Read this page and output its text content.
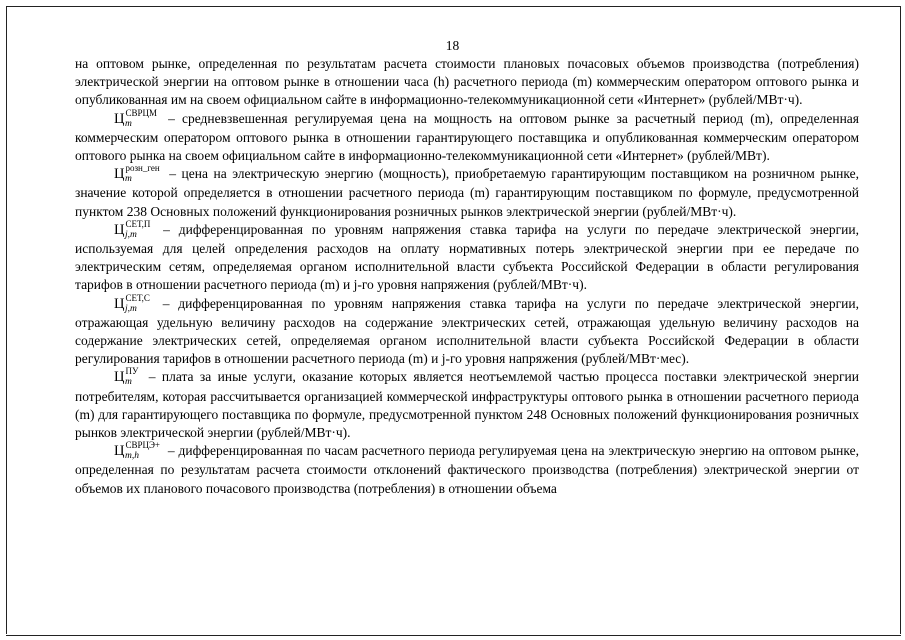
18

на оптовом рынке, определенная по результатам расчета стоимости плановых почасовых объемов производства (потребления) электрической энергии на оптовом рынке в отношении часа (h) расчетного периода (m) коммерческим оператором оптового рынка и опубликованная им на своем официальном сайте в информационно-телекоммуникационной сети «Интернет» (рублей/МВт·ч).

$Ц^{СВРЦМ}$
m – средневзвешенная регулируемая цена на мощность на оптовом рынке за расчетный период (m), определенная коммерческим оператором оптового рынка в отношении гарантирующего поставщика и опубликованная коммерческим оператором оптового рынка на своем официальном сайте в информационно-телекоммуникационной сети «Интернет» (рублей/МВт).

$Ц^{розн\_ген}$
m – цена на электрическую энергию (мощность), приобретаемую гарантирующим поставщиком на розничном рынке, значение которой определяется в отношении расчетного периода (m) гарантирующим поставщиком по формуле, предусмотренной пунктом 238 Основных положений функционирования розничных рынков электрической энергии (рублей/МВт·ч).

$Ц^{СЕТ,П}$
j,m – дифференцированная по уровням напряжения ставка тарифа на услуги по передаче электрической энергии, используемая для целей определения расходов на оплату нормативных потерь электрической энергии при ее передаче по электрическим сетям, определяемая органом исполнительной власти субъекта Российской Федерации в области регулирования тарифов в отношении расчетного периода (m) и j-го уровня напряжения (рублей/МВт·ч).

$Ц^{СЕТ,С}$
j,m – дифференцированная по уровням напряжения ставка тарифа на услуги по передаче электрической энергии, отражающая удельную величину расходов на содержание электрических сетей, отражающая удельную величину расходов на содержание электрических сетей, определяемая органом исполнительной власти субъекта Российской Федерации в области регулирования тарифов в отношении расчетного периода (m) и j-го уровня напряжения (рублей/МВт·мес).

$Ц^{ПУ}$
m – плата за иные услуги, оказание которых является неотъемлемой частью процесса поставки электрической энергии потребителям, которая рассчитывается организацией коммерческой инфраструктуры оптового рынка в отношении расчетного периода (m) для гарантирующего поставщика по формуле, предусмотренной пунктом 248 Основных положений функционирования розничных рынков электрической энергии (рублей/МВт·ч).

$Ц^{СВРЦЭ+}$
m,h – дифференцированная по часам расчетного периода регулируемая цена на электрическую энергию на оптовом рынке, определенная по результатам расчета стоимости отклонений фактического производства (потребления) электрической энергии от объемов их планового почасового производства (потребления) в отношении объема
